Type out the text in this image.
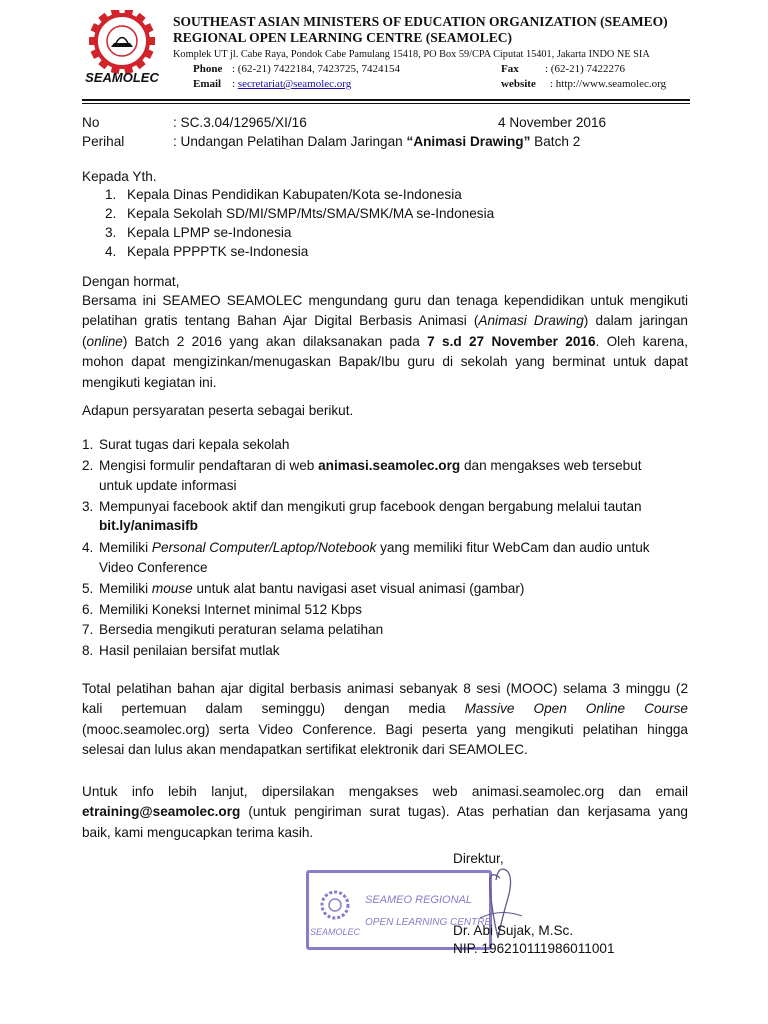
SEAMOLEC
SOUTHEAST ASIAN MINISTERS OF EDUCATION ORGANIZATION (SEAMEO)
REGIONAL OPEN LEARNING CENTRE (SEAMOLEC)
Komplek UT jl. Cabe Raya, Pondok Cabe Pamulang 15418, PO Box 59/CPA Ciputat 15401, Jakarta INDO NE SIA
Phone : (62-21) 7422184, 7423725, 7424154	Fax : (62-21) 7422276
Email : secretariat@seamolec.org	website : http://www.seamolec.org
No	: SC.3.04/12965/XI/16	4 November 2016
Perihal	: Undangan Pelatihan Dalam Jaringan “Animasi Drawing” Batch 2
Kepada Yth.
1. Kepala Dinas Pendidikan Kabupaten/Kota se-Indonesia
2. Kepala Sekolah SD/MI/SMP/Mts/SMA/SMK/MA se-Indonesia
3. Kepala LPMP se-Indonesia
4. Kepala PPPPTK se-Indonesia
Dengan hormat,
Bersama ini SEAMEO SEAMOLEC mengundang guru dan tenaga kependidikan untuk mengikuti
pelatihan gratis tentang Bahan Ajar Digital Berbasis Animasi (Animasi Drawing) dalam jaringan
(online) Batch 2 2016 yang akan dilaksanakan pada 7 s.d 27 November 2016. Oleh karena,
mohon dapat mengizinkan/menugaskan Bapak/Ibu guru di sekolah yang berminat untuk dapat
mengikuti kegiatan ini.
Adapun persyaratan peserta sebagai berikut.
1. Surat tugas dari kepala sekolah
2. Mengisi formulir pendaftaran di web animasi.seamolec.org dan mengakses web tersebut
untuk update informasi
3. Mempunyai facebook aktif dan mengikuti grup facebook dengan bergabung melalui tautan
bit.ly/animasifb
4. Memiliki Personal Computer/Laptop/Notebook yang memiliki fitur WebCam dan audio untuk
Video Conference
5. Memiliki mouse untuk alat bantu navigasi aset visual animasi (gambar)
6. Memiliki Koneksi Internet minimal 512 Kbps
7. Bersedia mengikuti peraturan selama pelatihan
8. Hasil penilaian bersifat mutlak
Total pelatihan bahan ajar digital berbasis animasi sebanyak 8 sesi (MOOC) selama 3 minggu (2
kali pertemuan dalam seminggu) dengan media Massive Open Online Course
(mooc.seamolec.org) serta Video Conference. Bagi peserta yang mengikuti pelatihan hingga
selesai dan lulus akan mendapatkan sertifikat elektronik dari SEAMOLEC.
Untuk info lebih lanjut, dipersilakan mengakses web animasi.seamolec.org dan email
etraining@seamolec.org (untuk pengiriman surat tugas). Atas perhatian dan kerjasama yang
baik, kami mengucapkan terima kasih.
Direktur,
SEAMOLEC
SEAMEO REGIONAL
OPEN LEARNING CENTRE
Dr. Abi Sujak, M.Sc.
NIP. 196210111986011001
